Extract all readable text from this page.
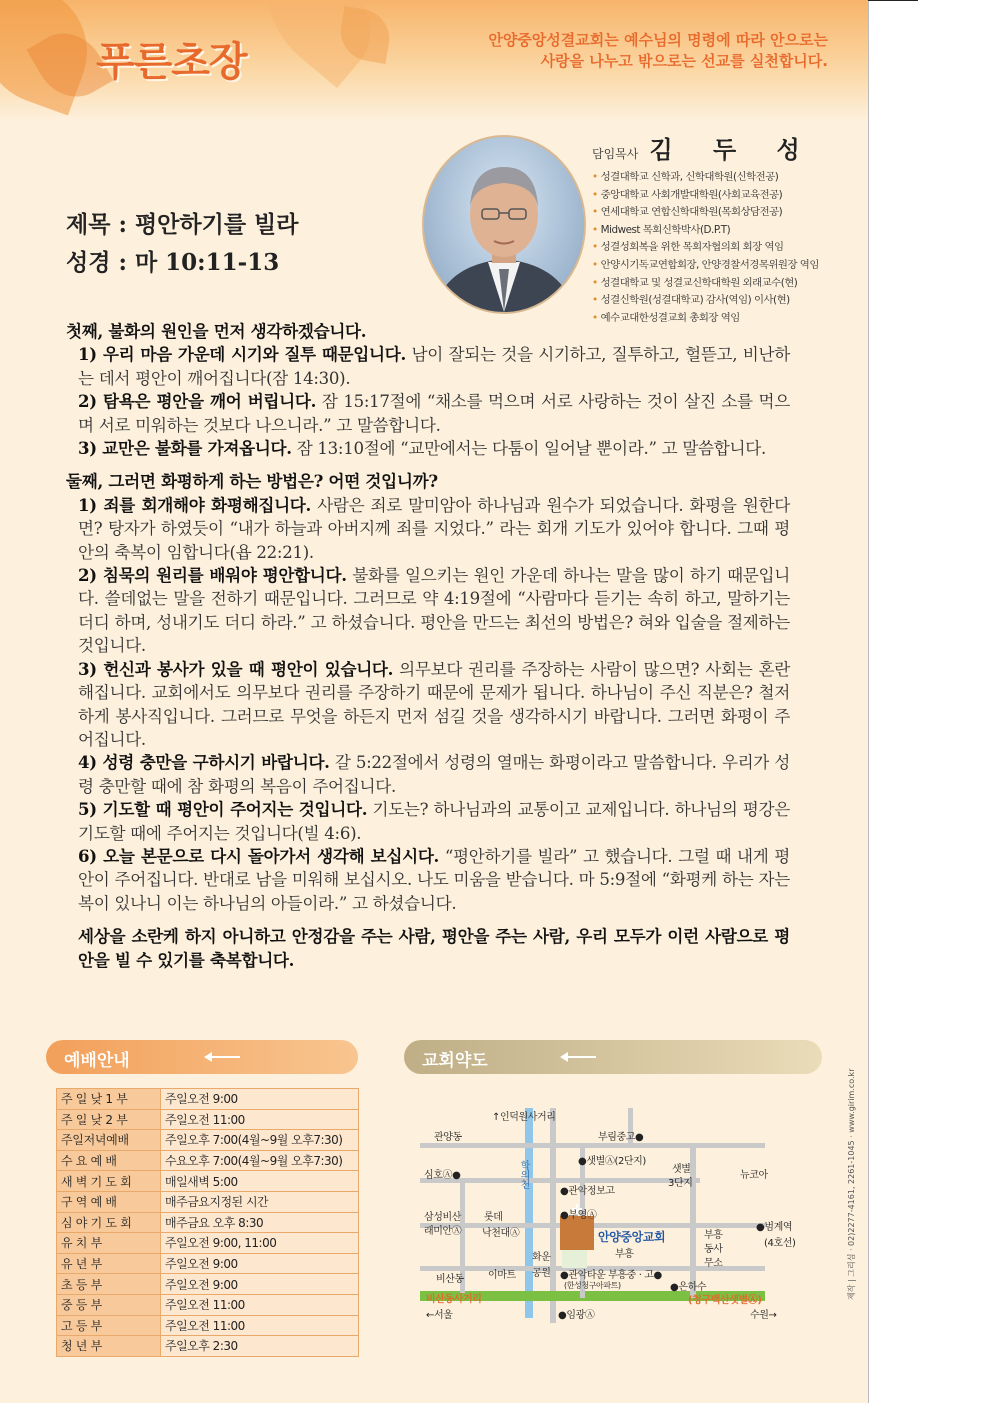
푸른초장	안양중앙성결교회는 예수님의 명령에 따라 안으로는
사랑을 나누고 밖으로는 선교를 실천합니다.
제목 : 평안하기를 빌라
성경 : 마 10:11-13
담임목사 김 두 성
• 성결대학교 신학과, 신학대학원(신학전공)
• 중앙대학교 사회개발대학원(사회교육전공)
• 연세대학교 연합신학대학원(목회상담전공)
• Midwest 목회신학박사(D.P.T)
• 성결성회복을 위한 목회자협의회 회장 역임
• 안양시기독교연합회장, 안양경찰서경목위원장 역임
• 성결대학교 및 성결교신학대학원 외래교수(현)
• 성결신학원(성결대학교) 감사(역임) 이사(현)
• 예수교대한성결교회 총회장 역임

첫째, 불화의 원인을 먼저 생각하겠습니다.

1) 우리 마음 가운데 시기와 질투 때문입니다. 남이 잘되는 것을 시기하고, 질투하고, 헐뜯고, 비난하는 데서 평안이 깨어집니다(잠 14:30).

2) 탐욕은 평안을 깨어 버립니다. 잠 15:17절에 “채소를 먹으며 서로 사랑하는 것이 살진 소를 먹으며 서로 미워하는 것보다 나으니라.” 고 말씀합니다.

3) 교만은 불화를 가져옵니다. 잠 13:10절에 “교만에서는 다툼이 일어날 뿐이라.” 고 말씀합니다.

둘째, 그러면 화평하게 하는 방법은? 어떤 것입니까?

1) 죄를 회개해야 화평해집니다. 사람은 죄로 말미암아 하나님과 원수가 되었습니다. 화평을 원한다면? 탕자가 하였듯이 “내가 하늘과 아버지께 죄를 지었다.” 라는 회개 기도가 있어야 합니다. 그때 평안의 축복이 임합니다(욥 22:21).

2) 침묵의 원리를 배워야 평안합니다. 불화를 일으키는 원인 가운데 하나는 말을 많이 하기 때문입니다. 쓸데없는 말을 전하기 때문입니다. 그러므로 약 4:19절에 “사람마다 듣기는 속히 하고, 말하기는 더디 하며, 성내기도 더디 하라.” 고 하셨습니다. 평안을 만드는 최선의 방법은? 혀와 입술을 절제하는 것입니다.

3) 헌신과 봉사가 있을 때 평안이 있습니다. 의무보다 권리를 주장하는 사람이 많으면? 사회는 혼란해집니다. 교회에서도 의무보다 권리를 주장하기 때문에 문제가 됩니다. 하나님이 주신 직분은? 철저하게 봉사직입니다. 그러므로 무엇을 하든지 먼저 섬길 것을 생각하시기 바랍니다. 그러면 화평이 주어집니다.

4) 성령 충만을 구하시기 바랍니다. 갈 5:22절에서 성령의 열매는 화평이라고 말씀합니다. 우리가 성령 충만할 때에 참 화평의 복음이 주어집니다.

5) 기도할 때 평안이 주어지는 것입니다. 기도는? 하나님과의 교통이고 교제입니다. 하나님의 평강은 기도할 때에 주어지는 것입니다(빌 4:6).

6) 오늘 본문으로 다시 돌아가서 생각해 보십시다. “평안하기를 빌라” 고 했습니다. 그럴 때 내게 평안이 주어집니다. 반대로 남을 미워해 보십시오. 나도 미움을 받습니다. 마 5:9절에 “화평케 하는 자는 복이 있나니 이는 하나님의 아들이라.” 고 하셨습니다.

세상을 소란케 하지 아니하고 안정감을 주는 사람, 평안을 주는 사람, 우리 모두가 이런 사람으로 평안을 빌 수 있기를 축복합니다.

예배안내
주 일 낮 1 부	주일오전 9:00
주 일 낮 2 부	주일오전 11:00
주일저녁예배	주일오후 7:00(4월~9월 오후7:30)
수 요 예 배	수요오후 7:00(4월~9월 오후7:30)
새 벽 기 도 회	매일새벽 5:00
구 역 예 배	매주금요지정된 시간
심 야 기 도 회	매주금요 오후 8:30
유 치 부	주일오전 9:00, 11:00
유 년 부	주일오전 9:00
초 등 부	주일오전 9:00
중 등 부	주일오전 11:00
고 등 부	주일오전 11:00
청 년 부	주일오후 2:30
교회약도
↑인덕원사거리
관양동	부림중고●
●샛별Ⓐ(2단지)
샛별
3단지
학의천
심호Ⓐ●	뉴코아
●관악정보고
삼성비산
래미안Ⓐ
롯데
낙천대Ⓐ
●부영Ⓐ
안양중앙교회
부흥
부흥
동사
무소
●범계역
(4호선)
화운
공원
이마트
비산동	●관악타운 부흥중 · 고●
(한성청구아파트)	●은하수
비산동사거리	(청구백산샛별Ⓐ)
←서울	●임광Ⓐ	수원→
제작 | 그리심 · 02)2277-4161, 2261-1045 · www.girim.co.kr
